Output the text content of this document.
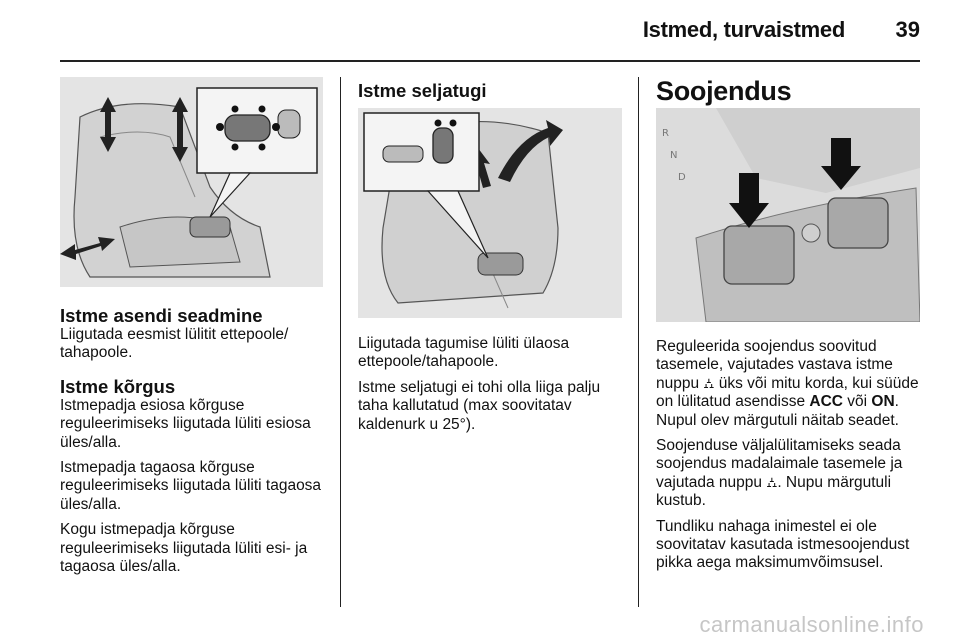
Istmed, turvaistmed 39
Istme asendi seadmine

Liigutada eesmist lülitit ettepoole/ tahapoole.

Istme kõrgus

Istmepadja esiosa kõrguse reguleerimiseks liigutada lüliti esiosa üles/alla.

Istmepadja tagaosa kõrguse reguleerimiseks liigutada lüliti tagaosa üles/alla.

Kogu istmepadja kõrguse reguleerimiseks liigutada lüliti esi- ja tagaosa üles/alla.

Istme seljatugi

Liigutada tagumise lüliti ülaosa ettepoole/tahapoole.

Istme seljatugi ei tohi olla liiga palju taha kallutatud (max soovitatav kaldenurk u 25°).

Soojendus
R
N
D

Reguleerida soojendus soovitud tasemele, vajutades vastava istme nuppu ⛼ üks või mitu korda, kui süüde on lülitatud asendisse ACC või ON. Nupul olev märgutuli näitab seadet.

Soojenduse väljalülitamiseks seada soojendus madalaimale tasemele ja vajutada nuppu ⛼. Nupu märgutuli kustub.

Tundliku nahaga inimestel ei ole soovitatav kasutada istmesoojendust pikka aega maksimumvõimsusel.

carmanualsonline.info
